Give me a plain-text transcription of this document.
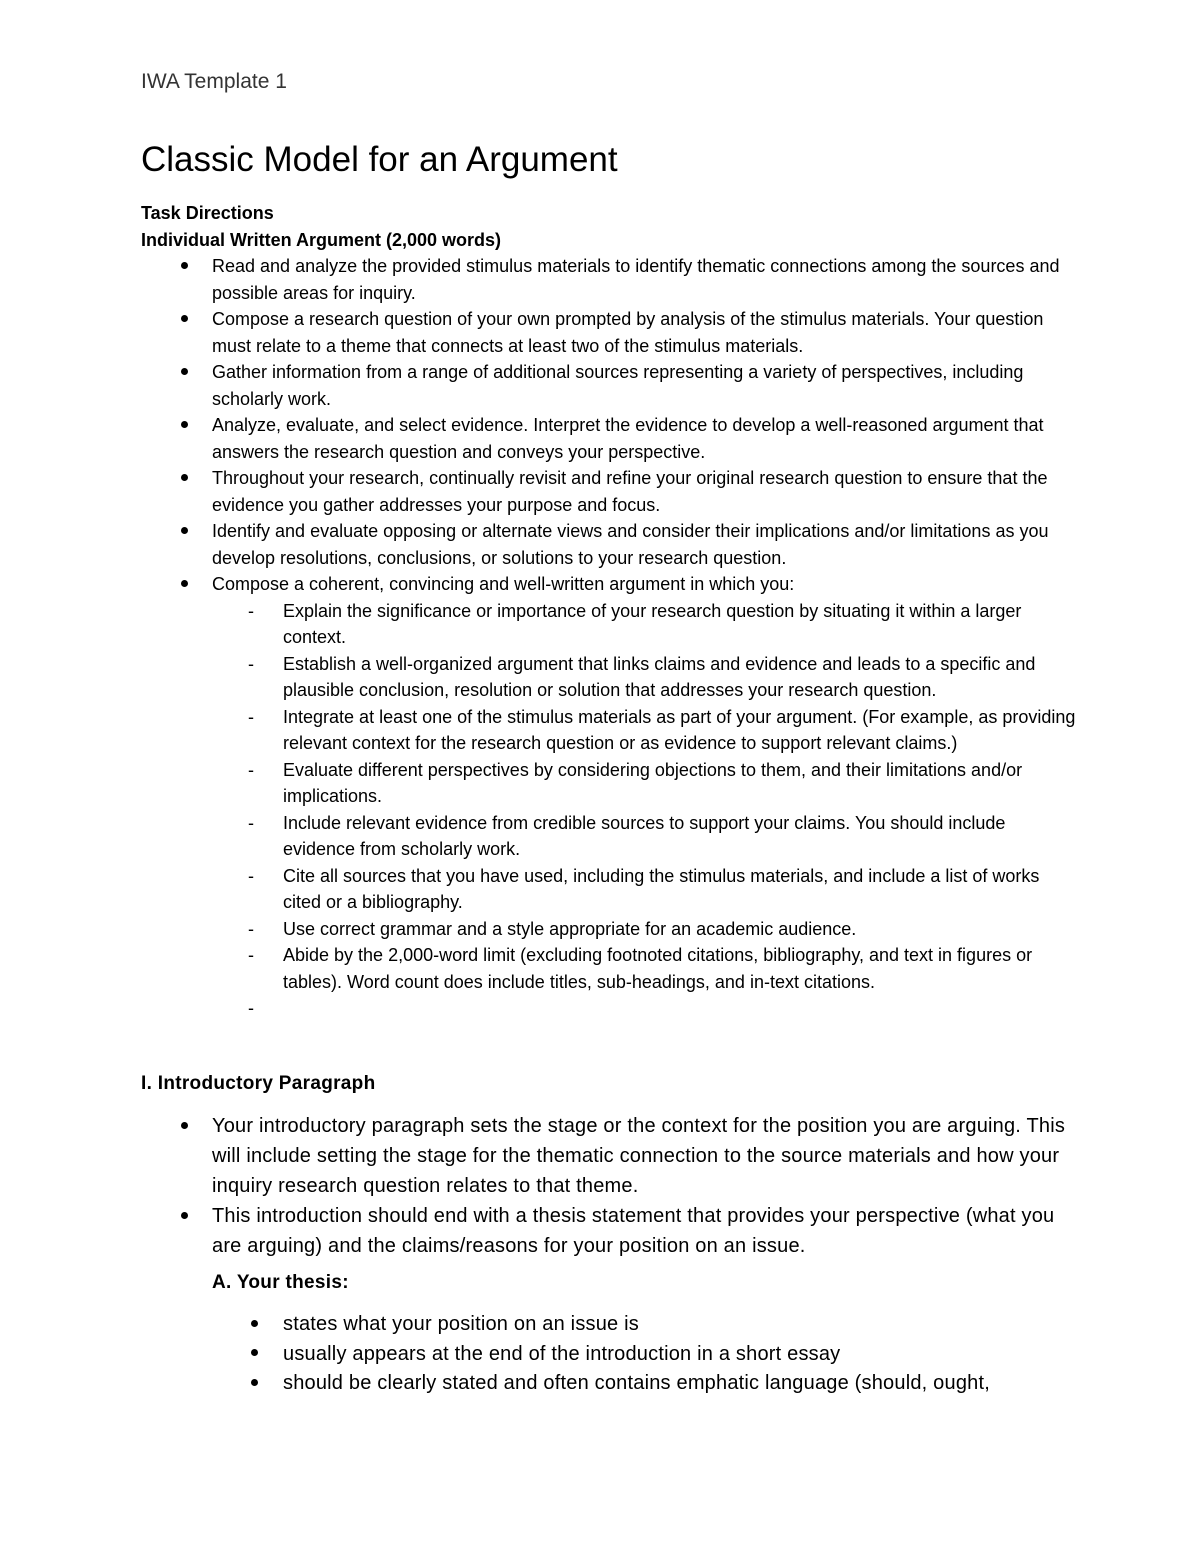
IWA Template 1
Classic Model for an Argument
Task Directions
Individual Written Argument (2,000 words)
Read and analyze the provided stimulus materials to identify thematic connections among the sources and possible areas for inquiry.
Compose a research question of your own prompted by analysis of the stimulus materials. Your question must relate to a theme that connects at least two of the stimulus materials.
Gather information from a range of additional sources representing a variety of perspectives, including scholarly work.
Analyze, evaluate, and select evidence. Interpret the evidence to develop a well-reasoned argument that answers the research question and conveys your perspective.
Throughout your research, continually revisit and refine your original research question to ensure that the evidence you gather addresses your purpose and focus.
Identify and evaluate opposing or alternate views and consider their implications and/or limitations as you develop resolutions, conclusions, or solutions to your research question.
Compose a coherent, convincing and well-written argument in which you:
- Explain the significance or importance of your research question by situating it within a larger context.
- Establish a well-organized argument that links claims and evidence and leads to a specific and plausible conclusion, resolution or solution that addresses your research question.
- Integrate at least one of the stimulus materials as part of your argument. (For example, as providing relevant context for the research question or as evidence to support relevant claims.)
- Evaluate different perspectives by considering objections to them, and their limitations and/or implications.
- Include relevant evidence from credible sources to support your claims. You should include evidence from scholarly work.
- Cite all sources that you have used, including the stimulus materials, and include a list of works cited or a bibliography.
- Use correct grammar and a style appropriate for an academic audience.
- Abide by the 2,000-word limit (excluding footnoted citations, bibliography, and text in figures or tables). Word count does include titles, sub-headings, and in-text citations.
-

I. Introductory Paragraph
Your introductory paragraph sets the stage or the context for the position you are arguing. This will include setting the stage for the thematic connection to the source materials and how your inquiry research question relates to that theme.
This introduction should end with a thesis statement that provides your perspective (what you are arguing) and the claims/reasons for your position on an issue.
A. Your thesis:
states what your position on an issue is
usually appears at the end of the introduction in a short essay
should be clearly stated and often contains emphatic language (should, ought,
